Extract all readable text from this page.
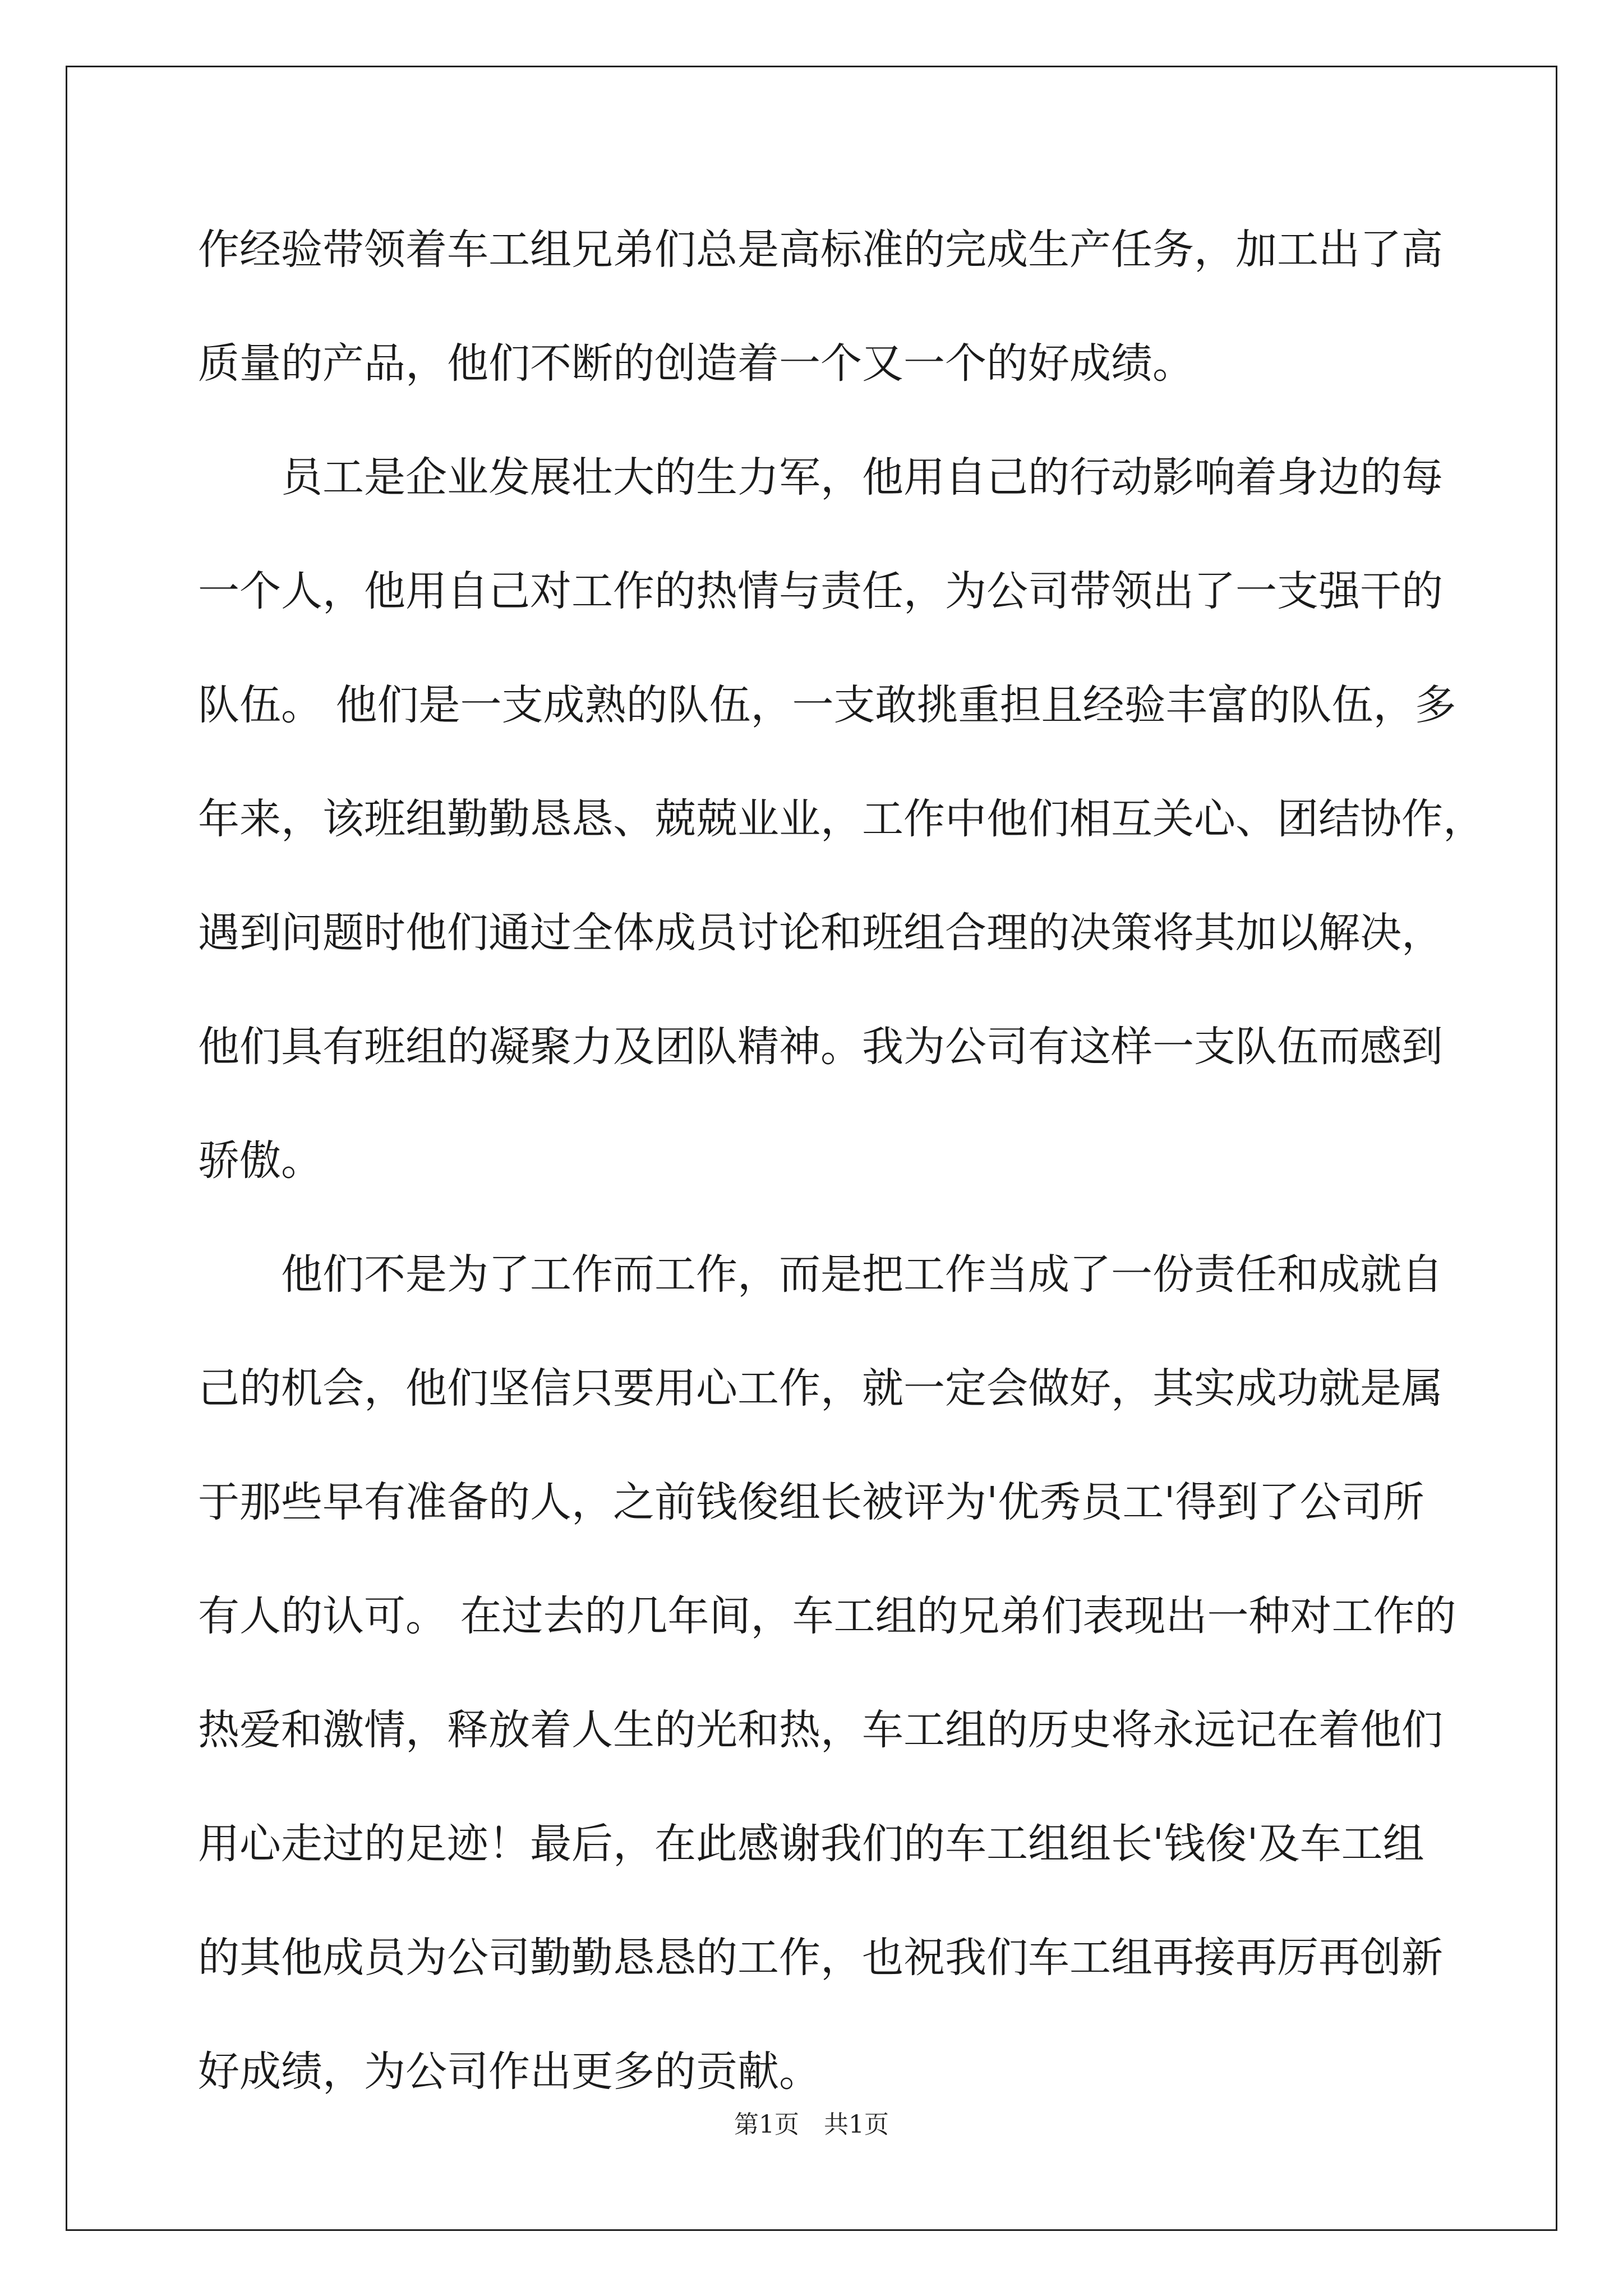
作经验带领着车工组兄弟们总是高标准的完成生产任务，加工出了高
质量的产品，他们不断的创造着一个又一个的好成绩。
　　员工是企业发展壮大的生力军，他用自己的行动影响着身边的每
一个人，他用自己对工作的热情与责任，为公司带领出了一支强干的
队伍。 他们是一支成熟的队伍，一支敢挑重担且经验丰富的队伍，多
年来，该班组勤勤恳恳、兢兢业业，工作中他们相互关心、团结协作，
遇到问题时他们通过全体成员讨论和班组合理的决策将其加以解决，
他们具有班组的凝聚力及团队精神。我为公司有这样一支队伍而感到
骄傲。
　　他们不是为了工作而工作，而是把工作当成了一份责任和成就自
己的机会，他们坚信只要用心工作，就一定会做好，其实成功就是属
于那些早有准备的人，之前钱俊组长被评为'优秀员工'得到了公司所
有人的认可。 在过去的几年间，车工组的兄弟们表现出一种对工作的
热爱和激情，释放着人生的光和热，车工组的历史将永远记在着他们
用心走过的足迹！最后，在此感谢我们的车工组组长'钱俊'及车工组
的其他成员为公司勤勤恳恳的工作，也祝我们车工组再接再厉再创新
好成绩，为公司作出更多的贡献。
第1页　共1页
